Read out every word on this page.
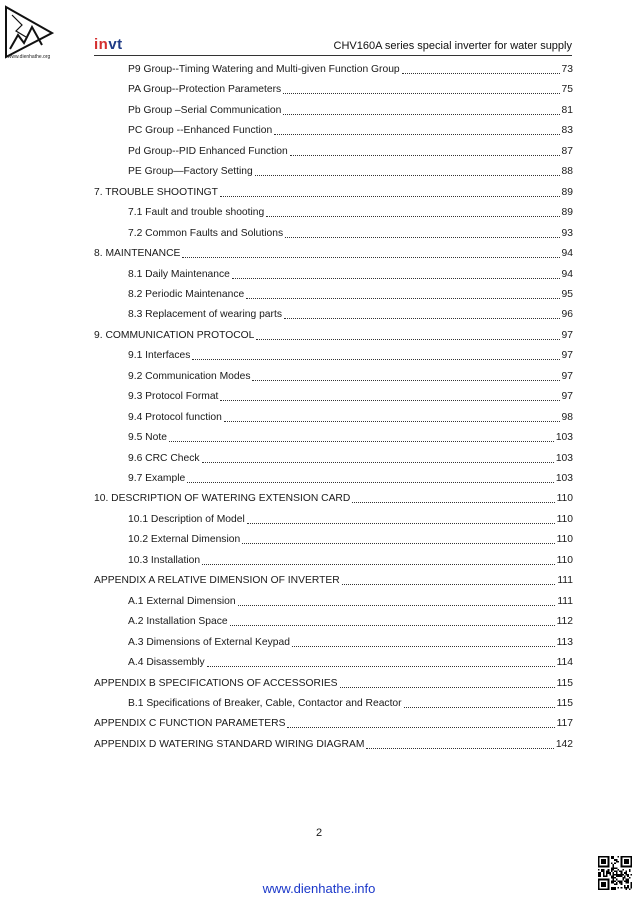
www.dienhathe.org
invt	CHV160A series special inverter for water supply
P9 Group--Timing Watering and Multi-given Function Group	73
PA Group--Protection Parameters	75
Pb Group –Serial Communication	81
PC Group --Enhanced Function	83
Pd Group--PID Enhanced Function	87
PE Group—Factory Setting	88
7. TROUBLE SHOOTINGT	89
7.1 Fault and trouble shooting	89
7.2 Common Faults and Solutions	93
8. MAINTENANCE	94
8.1 Daily Maintenance	94
8.2 Periodic Maintenance	95
8.3 Replacement of wearing parts	96
9. COMMUNICATION PROTOCOL	97
9.1 Interfaces	97
9.2 Communication Modes	97
9.3 Protocol Format	97
9.4 Protocol function	98
9.5 Note	103
9.6 CRC Check	103
9.7 Example	103
10. DESCRIPTION OF WATERING EXTENSION CARD	110
10.1 Description of Model	110
10.2 External Dimension	110
10.3 Installation	110
APPENDIX A RELATIVE DIMENSION OF INVERTER	111
A.1 External Dimension	111
A.2 Installation Space	112
A.3 Dimensions of External Keypad	113
A.4 Disassembly	114
APPENDIX B SPECIFICATIONS OF ACCESSORIES	115
B.1 Specifications of Breaker, Cable, Contactor and Reactor	115
APPENDIX C FUNCTION PARAMETERS	117
APPENDIX D WATERING STANDARD WIRING DIAGRAM	142
2
www.dienhathe.info
